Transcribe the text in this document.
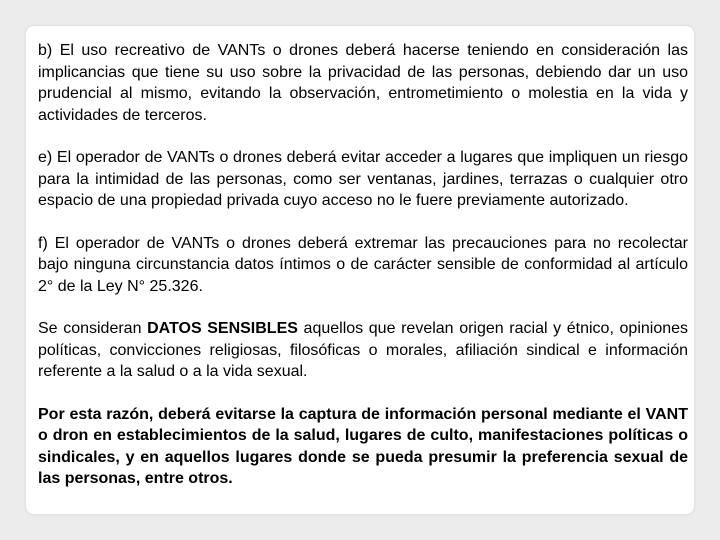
b) El uso recreativo de VANTs o drones deberá hacerse teniendo en consideración las implicancias que tiene su uso sobre la privacidad de las personas, debiendo dar un uso prudencial al mismo, evitando la observación, entrometimiento o molestia en la vida y actividades de terceros.

e) El operador de VANTs o drones deberá evitar acceder a lugares que impliquen un riesgo para la intimidad de las personas, como ser ventanas, jardines, terrazas o cualquier otro espacio de una propiedad privada cuyo acceso no le fuere previamente autorizado.

f) El operador de VANTs o drones deberá extremar las precauciones para no recolectar bajo ninguna circunstancia datos íntimos o de carácter sensible de conformidad al artículo 2° de la Ley N° 25.326.

Se consideran DATOS SENSIBLES aquellos que revelan origen racial y étnico, opiniones políticas, convicciones religiosas, filosóficas o morales, afiliación sindical e información referente a la salud o a la vida sexual.

Por esta razón, deberá evitarse la captura de información personal mediante el VANT o dron en establecimientos de la salud, lugares de culto, manifestaciones políticas o sindicales, y en aquellos lugares donde se pueda presumir la preferencia sexual de las personas, entre otros.
